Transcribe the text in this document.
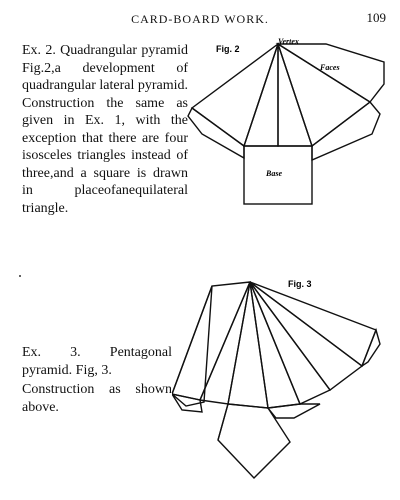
CARD-BOARD WORK.	109

Ex. 2. Quadrangular pyramid Fig.2,a development of quadrangular lateral pyramid. Construction the same as given in Ex. 1, with the exception that there are four isosceles triangles instead of three,and a square is drawn in placeofanequilateral triangle.

Fig. 2
Vertex
Faces
Base

Ex. 3. Pentagonal pyramid. Fig, 3.

Construction as shown above.

Fig. 3
